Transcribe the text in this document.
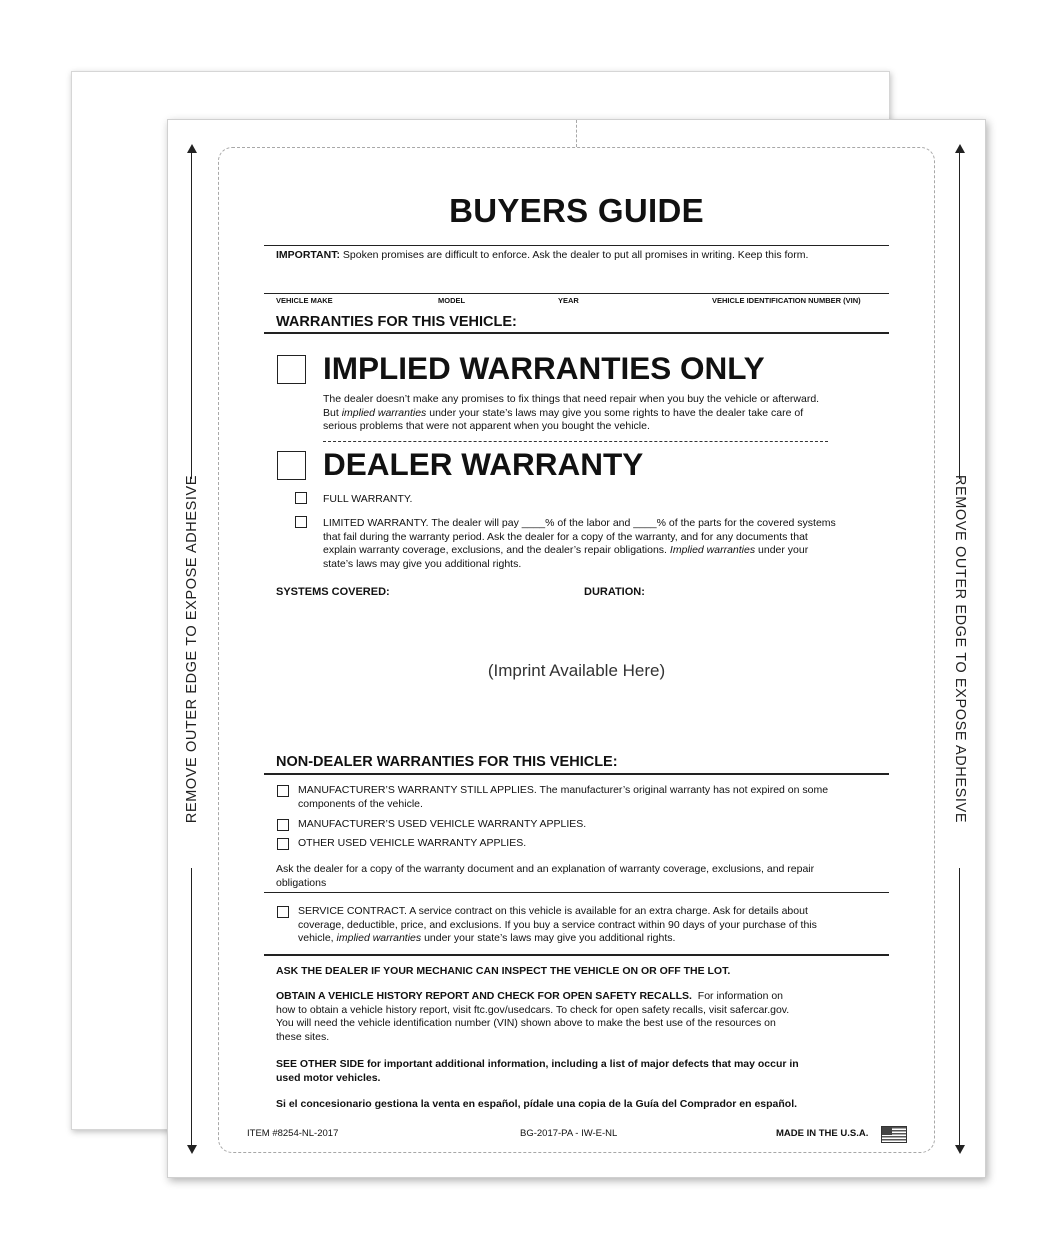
REMOVE OUTER EDGE TO EXPOSE ADHESIVE	REMOVE OUTER EDGE TO EXPOSE ADHESIVE
BUYERS GUIDE
IMPORTANT: Spoken promises are difficult to enforce. Ask the dealer to put all promises in writing. Keep this form.
VEHICLE MAKE	MODEL	YEAR	VEHICLE IDENTIFICATION NUMBER (VIN)
WARRANTIES FOR THIS VEHICLE:
IMPLIED WARRANTIES ONLY
The dealer doesn’t make any promises to fix things that need repair when you buy the vehicle or afterward.
But implied warranties under your state’s laws may give you some rights to have the dealer take care of
serious problems that were not apparent when you bought the vehicle.
DEALER WARRANTY
FULL WARRANTY.
LIMITED WARRANTY. The dealer will pay ____% of the labor and ____% of the parts for the covered systems
that fail during the warranty period. Ask the dealer for a copy of the warranty, and for any documents that
explain warranty coverage, exclusions, and the dealer’s repair obligations. Implied warranties under your
state’s laws may give you additional rights.
SYSTEMS COVERED:	DURATION:
(Imprint Available Here)
NON-DEALER WARRANTIES FOR THIS VEHICLE:
MANUFACTURER’S WARRANTY STILL APPLIES. The manufacturer’s original warranty has not expired on some
components of the vehicle.
MANUFACTURER’S USED VEHICLE WARRANTY APPLIES.
OTHER USED VEHICLE WARRANTY APPLIES.
Ask the dealer for a copy of the warranty document and an explanation of warranty coverage, exclusions, and repair
obligations
SERVICE CONTRACT. A service contract on this vehicle is available for an extra charge. Ask for details about
coverage, deductible, price, and exclusions. If you buy a service contract within 90 days of your purchase of this
vehicle, implied warranties under your state’s laws may give you additional rights.
ASK THE DEALER IF YOUR MECHANIC CAN INSPECT THE VEHICLE ON OR OFF THE LOT.
OBTAIN A VEHICLE HISTORY REPORT AND CHECK FOR OPEN SAFETY RECALLS. For information on
how to obtain a vehicle history report, visit ftc.gov/usedcars. To check for open safety recalls, visit safercar.gov.
You will need the vehicle identification number (VIN) shown above to make the best use of the resources on
these sites.
SEE OTHER SIDE for important additional information, including a list of major defects that may occur in
used motor vehicles.
Si el concesionario gestiona la venta en español, pídale una copia de la Guía del Comprador en español.
ITEM #8254-NL-2017	BG-2017-PA - IW-E-NL	MADE IN THE U.S.A.
